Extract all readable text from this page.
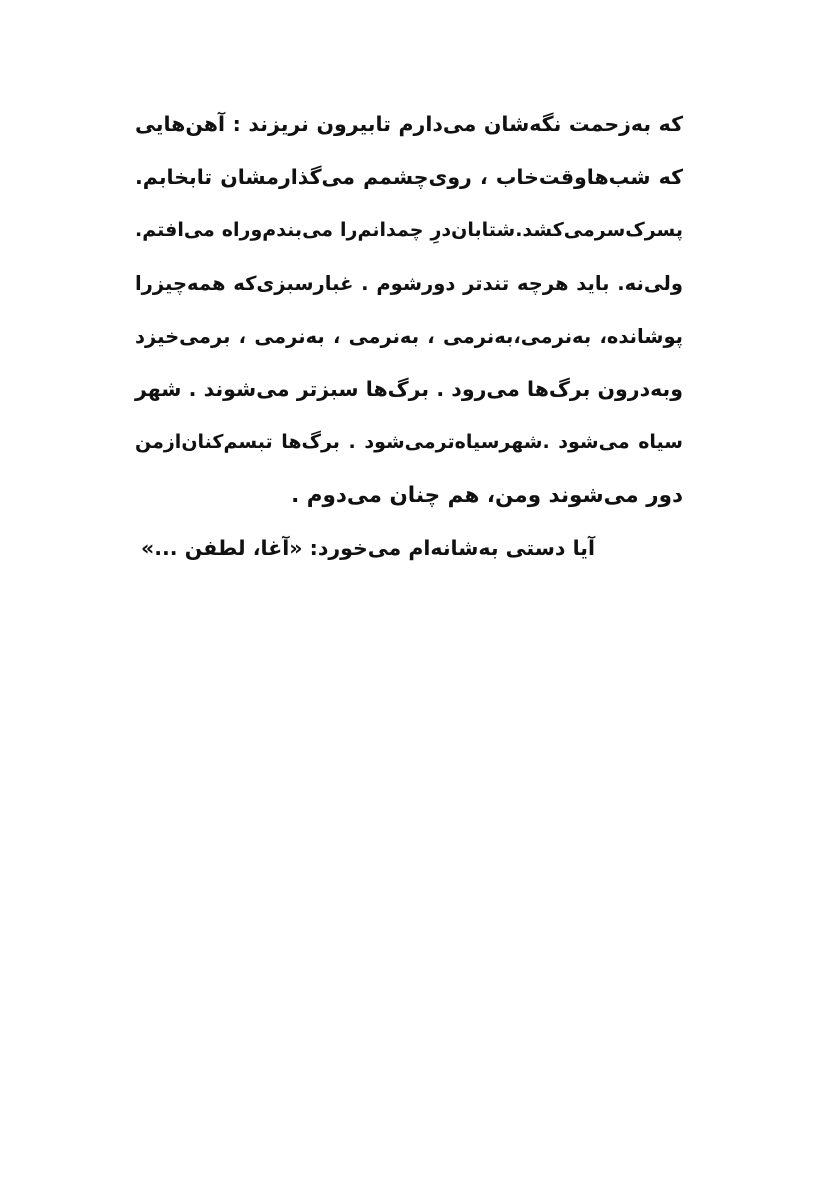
که به‌زحمت نگه‌شان می‌دارم تابیرون نریزند : آهن‌هایی
که شب‌هاوقت‌خاب ، روی‌چشمم می‌گذارمشان تابخابم.
پسرک‌سرمی‌کشد.شتابان‌درِ چمدانم‌را می‌بندم‌وراه می‌افتم.
ولی‌نه. باید هرچه تندتر دورشوم . غبارسبزی‌که همه‌چیزرا
پوشانده، به‌نرمی،به‌نرمی ، به‌نرمی ، به‌نرمی ، برمی‌خیزد
وبه‌درون برگ‌ها می‌رود . برگ‌ها سبزتر می‌شوند . شهر
سیاه می‌شود .شهرسیاه‌ترمی‌شود . برگ‌ها تبسم‌کنان‌ازمن
دور می‌شوند ومن، هم چنان می‌دوم .
آیا دستی به‌شانه‌ام می‌خورد: «آغا، لطفن ...»
